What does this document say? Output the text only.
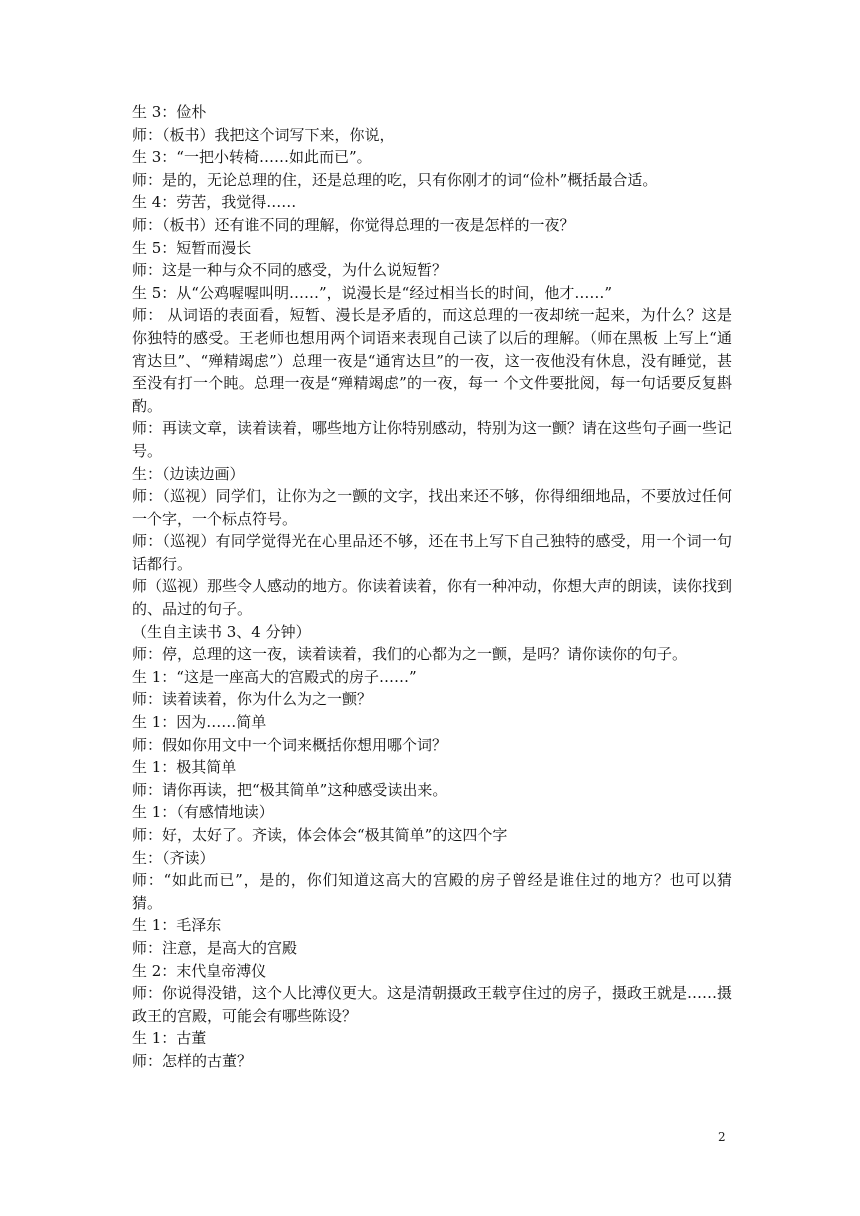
生 3：俭朴

师：（板书）我把这个词写下来，你说，

生 3：“一把小转椅……如此而已”。

师：是的，无论总理的住，还是总理的吃，只有你刚才的词“俭朴”概括最合适。

生 4：劳苦，我觉得……

师：（板书）还有谁不同的理解，你觉得总理的一夜是怎样的一夜？

生 5：短暂而漫长

师：这是一种与众不同的感受，为什么说短暂？

生 5：从“公鸡喔喔叫明……”，说漫长是“经过相当长的时间，他才……”

师： 从词语的表面看，短暂、漫长是矛盾的，而这总理的一夜却统一起来，为什么？这是你独特的感受。王老师也想用两个词语来表现自己读了以后的理解。（师在黑板 上写上“通宵达旦”、“殚精竭虑”）总理一夜是“通宵达旦”的一夜，这一夜他没有休息，没有睡觉，甚至没有打一个盹。总理一夜是“殚精竭虑”的一夜，每一 个文件要批阅，每一句话要反复斟酌。

师：再读文章，读着读着，哪些地方让你特别感动，特别为这一颤？请在这些句子画一些记号。

生：（边读边画）

师：（巡视）同学们，让你为之一颤的文字，找出来还不够，你得细细地品，不要放过任何一个字，一个标点符号。

师：（巡视）有同学觉得光在心里品还不够，还在书上写下自己独特的感受，用一个词一句话都行。

师（巡视）那些令人感动的地方。你读着读着，你有一种冲动，你想大声的朗读，读你找到的、品过的句子。

（生自主读书 3、4 分钟）

师：停，总理的这一夜，读着读着，我们的心都为之一颤，是吗？请你读你的句子。

生 1：“这是一座高大的宫殿式的房子……”

师：读着读着，你为什么为之一颤？

生 1：因为……简单

师：假如你用文中一个词来概括你想用哪个词？

生 1：极其简单

师：请你再读，把“极其简单”这种感受读出来。

生 1：（有感情地读）

师：好，太好了。齐读，体会体会“极其简单”的这四个字

生：（齐读）

师：“如此而已”，是的，你们知道这高大的宫殿的房子曾经是谁住过的地方？也可以猜猜。

生 1：毛泽东

师：注意，是高大的宫殿

生 2：末代皇帝溥仪

师：你说得没错，这个人比溥仪更大。这是清朝摄政王载亨住过的房子，摄政王就是……摄政王的宫殿，可能会有哪些陈设？

生 1：古董

师：怎样的古董？

2
